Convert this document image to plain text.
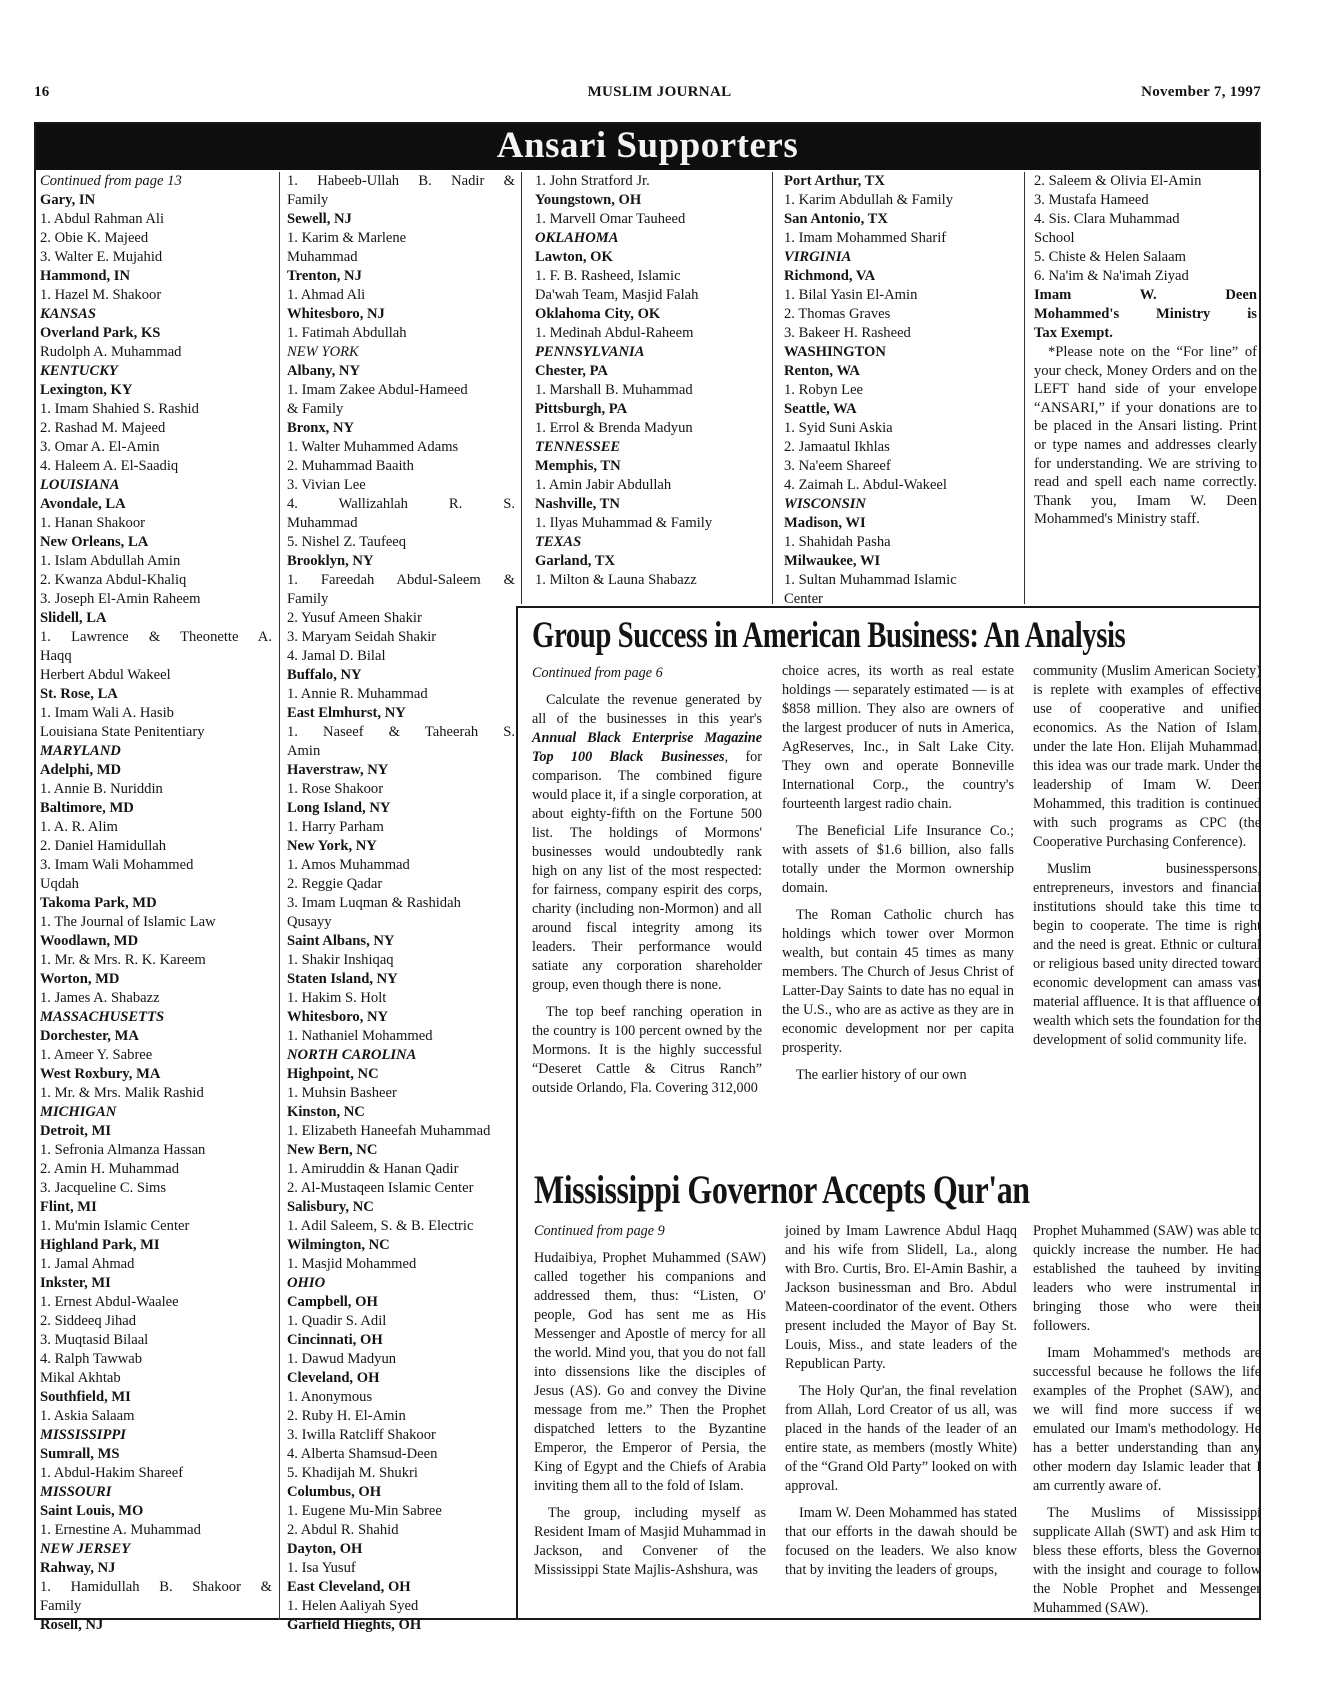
16	MUSLIM JOURNAL	November 7, 1997
Ansari Supporters
Continued from page 13
Gary, IN
1. Abdul Rahman Ali
2. Obie K. Majeed
3. Walter E. Mujahid
Hammond, IN
1. Hazel M. Shakoor
KANSAS
Overland Park, KS
Rudolph A. Muhammad
KENTUCKY
Lexington, KY
1. Imam Shahied S. Rashid
2. Rashad M. Majeed
3. Omar A. El-Amin
4. Haleem A. El-Saadiq
LOUISIANA
Avondale, LA
1. Hanan Shakoor
New Orleans, LA
1. Islam Abdullah Amin
2. Kwanza Abdul-Khaliq
3. Joseph El-Amin Raheem
Slidell, LA
1. Lawrence & Theonette A.
Haqq
Herbert Abdul Wakeel
St. Rose, LA
1. Imam Wali A. Hasib
Louisiana State Penitentiary
MARYLAND
Adelphi, MD
1. Annie B. Nuriddin
Baltimore, MD
1. A. R. Alim
2. Daniel Hamidullah
3. Imam Wali Mohammed
Uqdah
Takoma Park, MD
1. The Journal of Islamic Law
Woodlawn, MD
1. Mr. & Mrs. R. K. Kareem
Worton, MD
1. James A. Shabazz
MASSACHUSETTS
Dorchester, MA
1. Ameer Y. Sabree
West Roxbury, MA
1. Mr. & Mrs. Malik Rashid
MICHIGAN
Detroit, MI
1. Sefronia Almanza Hassan
2. Amin H. Muhammad
3. Jacqueline C. Sims
Flint, MI
1. Mu'min Islamic Center
Highland Park, MI
1. Jamal Ahmad
Inkster, MI
1. Ernest Abdul-Waalee
2. Siddeeq Jihad
3. Muqtasid Bilaal
4. Ralph Tawwab
Mikal Akhtab
Southfield, MI
1. Askia Salaam
MISSISSIPPI
Sumrall, MS
1. Abdul-Hakim Shareef
MISSOURI
Saint Louis, MO
1. Ernestine A. Muhammad
NEW JERSEY
Rahway, NJ
1. Hamidullah B. Shakoor &
Family
Rosell, NJ
1. Habeeb-Ullah B. Nadir &
Family
Sewell, NJ
1. Karim & Marlene
Muhammad
Trenton, NJ
1. Ahmad Ali
Whitesboro, NJ
1. Fatimah Abdullah
NEW YORK
Albany, NY
1. Imam Zakee Abdul-Hameed
& Family
Bronx, NY
1. Walter Muhammed Adams
2. Muhammad Baaith
3. Vivian Lee
4. Wallizahlah R. S.
Muhammad
5. Nishel Z. Taufeeq
Brooklyn, NY
1. Fareedah Abdul-Saleem &
Family
2. Yusuf Ameen Shakir
3. Maryam Seidah Shakir
4. Jamal D. Bilal
Buffalo, NY
1. Annie R. Muhammad
East Elmhurst, NY
1. Naseef & Taheerah S.
Amin
Haverstraw, NY
1. Rose Shakoor
Long Island, NY
1. Harry Parham
New York, NY
1. Amos Muhammad
2. Reggie Qadar
3. Imam Luqman & Rashidah
Qusayy
Saint Albans, NY
1. Shakir Inshiqaq
Staten Island, NY
1. Hakim S. Holt
Whitesboro, NY
1. Nathaniel Mohammed
NORTH CAROLINA
Highpoint, NC
1. Muhsin Basheer
Kinston, NC
1. Elizabeth Haneefah Muhammad
New Bern, NC
1. Amiruddin & Hanan Qadir
2. Al-Mustaqeen Islamic Center
Salisbury, NC
1. Adil Saleem, S. & B. Electric
Wilmington, NC
1. Masjid Mohammed
OHIO
Campbell, OH
1. Quadir S. Adil
Cincinnati, OH
1. Dawud Madyun
Cleveland, OH
1. Anonymous
2. Ruby H. El-Amin
3. Iwilla Ratcliff Shakoor
4. Alberta Shamsud-Deen
5. Khadijah M. Shukri
Columbus, OH
1. Eugene Mu-Min Sabree
2. Abdul R. Shahid
Dayton, OH
1. Isa Yusuf
East Cleveland, OH
1. Helen Aaliyah Syed
Garfield Hieghts, OH
1. John Stratford Jr.
Youngstown, OH
1. Marvell Omar Tauheed
OKLAHOMA
Lawton, OK
1. F. B. Rasheed, Islamic
Da'wah Team, Masjid Falah
Oklahoma City, OK
1. Medinah Abdul-Raheem
PENNSYLVANIA
Chester, PA
1. Marshall B. Muhammad
Pittsburgh, PA
1. Errol & Brenda Madyun
TENNESSEE
Memphis, TN
1. Amin Jabir Abdullah
Nashville, TN
1. Ilyas Muhammad & Family
TEXAS
Garland, TX
1. Milton & Launa Shabazz
Port Arthur, TX
1. Karim Abdullah & Family
San Antonio, TX
1. Imam Mohammed Sharif
VIRGINIA
Richmond, VA
1. Bilal Yasin El-Amin
2. Thomas Graves
3. Bakeer H. Rasheed
WASHINGTON
Renton, WA
1. Robyn Lee
Seattle, WA
1. Syid Suni Askia
2. Jamaatul Ikhlas
3. Na'eem Shareef
4. Zaimah L. Abdul-Wakeel
WISCONSIN
Madison, WI
1. Shahidah Pasha
Milwaukee, WI
1. Sultan Muhammad Islamic
Center
2. Saleem & Olivia El-Amin
3. Mustafa Hameed
4. Sis. Clara Muhammad
School
5. Chiste & Helen Salaam
6. Na'im & Na'imah Ziyad
Imam W. Deen
Mohammed's Ministry is
Tax Exempt.
*Please note on the “For line” of your check, Money Orders and on the LEFT hand side of your envelope “ANSARI,” if your donations are to be placed in the Ansari listing. Print or type names and addresses clearly for understanding. We are striving to read and spell each name correctly. Thank you, Imam W. Deen Mohammed's Ministry staff.
Group Success in American Business: An Analysis

Continued from page 6

Calculate the revenue generated by all of the businesses in this year's Annual Black Enterprise Magazine Top 100 Black Businesses, for comparison. The combined figure would place it, if a single corporation, at about eighty-fifth on the Fortune 500 list. The holdings of Mormons' businesses would undoubtedly rank high on any list of the most respected: for fairness, company espirit des corps, charity (including non-Mormon) and all around fiscal integrity among its leaders. Their performance would satiate any corporation shareholder group, even though there is none.

The top beef ranching operation in the country is 100 percent owned by the Mormons. It is the highly successful “Deseret Cattle & Citrus Ranch” outside Orlando, Fla. Covering 312,000

choice acres, its worth as real estate holdings — separately estimated — is at $858 million. They also are owners of the largest producer of nuts in America, AgReserves, Inc., in Salt Lake City. They own and operate Bonneville International Corp., the country's fourteenth largest radio chain.

The Beneficial Life Insurance Co.; with assets of $1.6 billion, also falls totally under the Mormon ownership domain.

The Roman Catholic church has holdings which tower over Mormon wealth, but contain 45 times as many members. The Church of Jesus Christ of Latter-Day Saints to date has no equal in the U.S., who are as active as they are in economic development nor per capita prosperity.

The earlier history of our own

community (Muslim American Society) is replete with examples of effective use of cooperative and unified economics. As the Nation of Islam, under the late Hon. Elijah Muhammad, this idea was our trade mark. Under the leadership of Imam W. Deen Mohammed, this tradition is continued with such programs as CPC (the Cooperative Purchasing Conference).

Muslim businesspersons, entrepreneurs, investors and financial institutions should take this time to begin to cooperate. The time is right and the need is great. Ethnic or cultural or religious based unity directed toward economic development can amass vast material affluence. It is that affluence of wealth which sets the foundation for the development of solid community life.

Mississippi Governor Accepts Qur'an

Continued from page 9

Hudaibiya, Prophet Muhammed (SAW) called together his companions and addressed them, thus: “Listen, O' people, God has sent me as His Messenger and Apostle of mercy for all the world. Mind you, that you do not fall into dissensions like the disciples of Jesus (AS). Go and convey the Divine message from me.” Then the Prophet dispatched letters to the Byzantine Emperor, the Emperor of Persia, the King of Egypt and the Chiefs of Arabia inviting them all to the fold of Islam.

The group, including myself as Resident Imam of Masjid Muhammad in Jackson, and Convener of the Mississippi State Majlis-Ashshura, was

joined by Imam Lawrence Abdul Haqq and his wife from Slidell, La., along with Bro. Curtis, Bro. El-Amin Bashir, a Jackson businessman and Bro. Abdul Mateen-coordinator of the event. Others present included the Mayor of Bay St. Louis, Miss., and state leaders of the Republican Party.

The Holy Qur'an, the final revelation from Allah, Lord Creator of us all, was placed in the hands of the leader of an entire state, as members (mostly White) of the “Grand Old Party” looked on with approval.

Imam W. Deen Mohammed has stated that our efforts in the dawah should be focused on the leaders. We also know that by inviting the leaders of groups,

Prophet Muhammed (SAW) was able to quickly increase the number. He had established the tauheed by inviting leaders who were instrumental in bringing those who were their followers.

Imam Mohammed's methods are successful because he follows the life examples of the Prophet (SAW), and we will find more success if we emulated our Imam's methodology. He has a better understanding than any other modern day Islamic leader that I am currently aware of.

The Muslims of Mississippi supplicate Allah (SWT) and ask Him to bless these efforts, bless the Governor with the insight and courage to follow the Noble Prophet and Messenger Muhammed (SAW).
